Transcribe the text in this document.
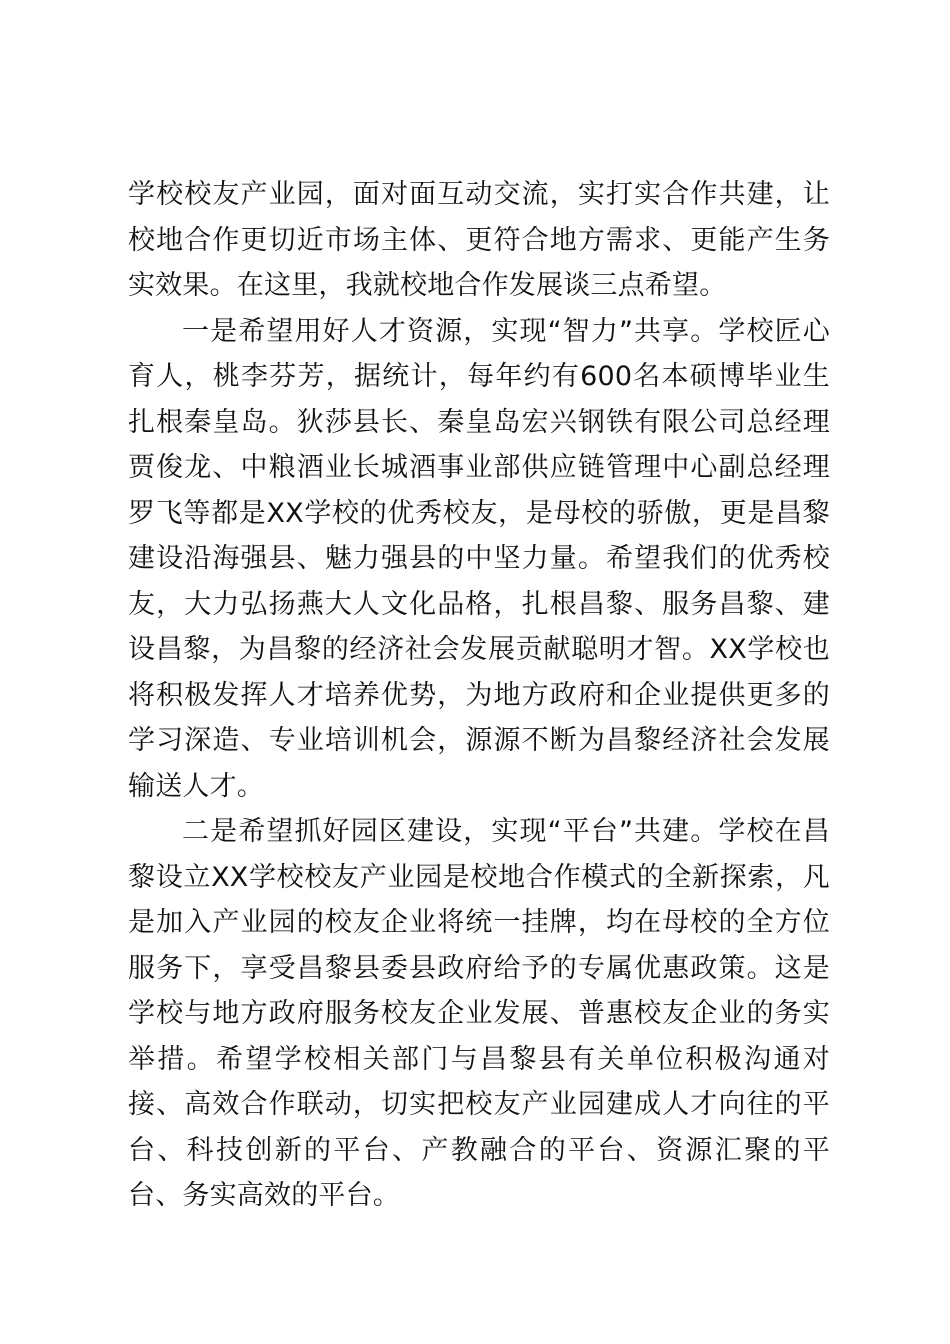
学校校友产业园，面对面互动交流，实打实合作共建，让校地合作更切近市场主体、更符合地方需求、更能产生务实效果。在这里，我就校地合作发展谈三点希望。

一是希望用好人才资源，实现“智力”共享。学校匠心育人，桃李芬芳，据统计，每年约有600名本硕博毕业生扎根秦皇岛。狄莎县长、秦皇岛宏兴钢铁有限公司总经理贾俊龙、中粮酒业长城酒事业部供应链管理中心副总经理罗飞等都是XX学校的优秀校友，是母校的骄傲，更是昌黎建设沿海强县、魅力强县的中坚力量。希望我们的优秀校友，大力弘扬燕大人文化品格，扎根昌黎、服务昌黎、建设昌黎，为昌黎的经济社会发展贡献聪明才智。XX学校也将积极发挥人才培养优势，为地方政府和企业提供更多的学习深造、专业培训机会，源源不断为昌黎经济社会发展输送人才。

二是希望抓好园区建设，实现“平台”共建。学校在昌黎设立XX学校校友产业园是校地合作模式的全新探索，凡是加入产业园的校友企业将统一挂牌，均在母校的全方位服务下，享受昌黎县委县政府给予的专属优惠政策。这是学校与地方政府服务校友企业发展、普惠校友企业的务实举措。希望学校相关部门与昌黎县有关单位积极沟通对接、高效合作联动，切实把校友产业园建成人才向往的平台、科技创新的平台、产教融合的平台、资源汇聚的平台、务实高效的平台。
